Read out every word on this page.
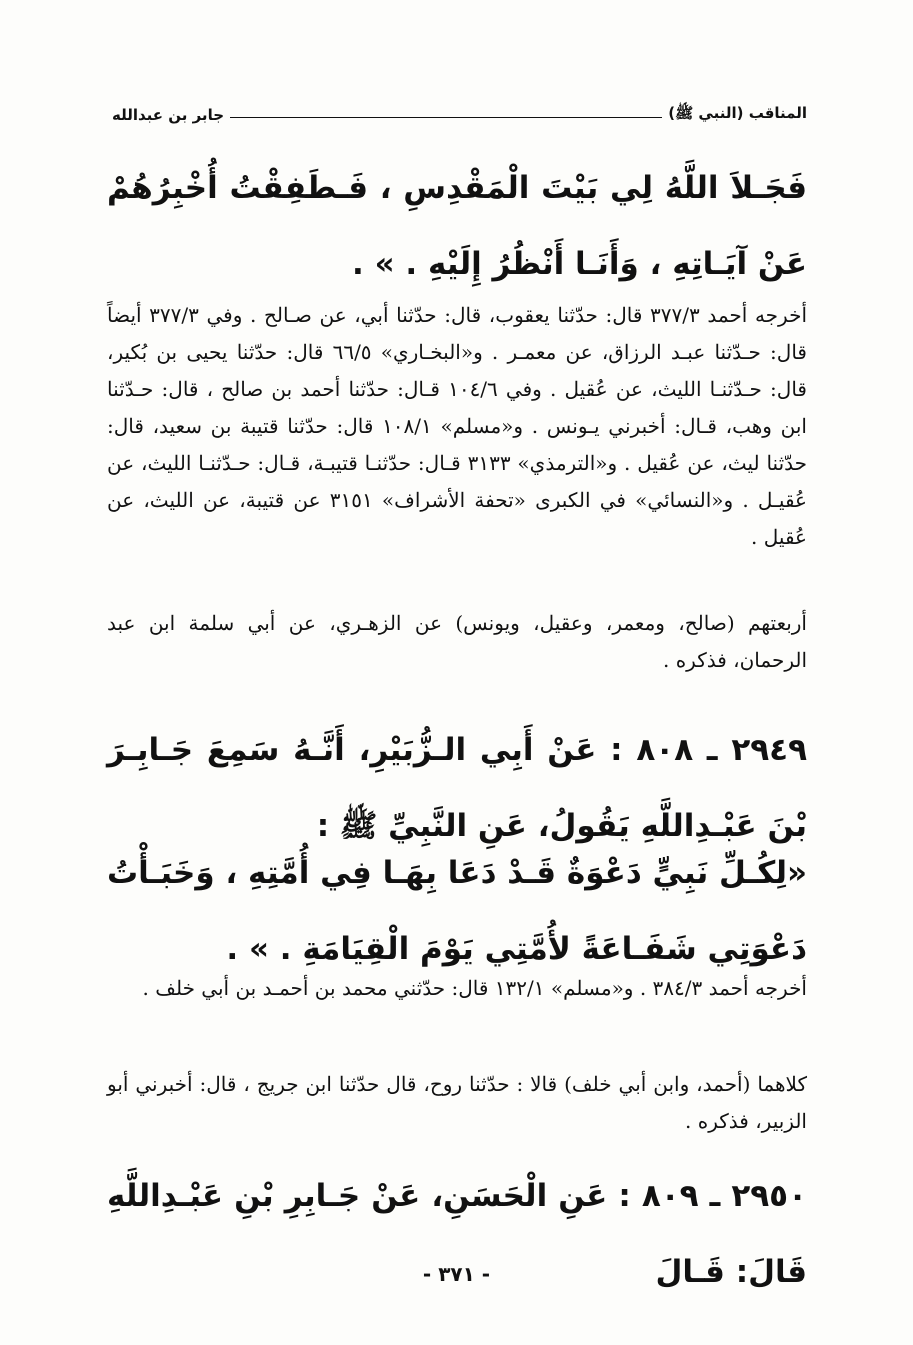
المناقب (النبي ﷺ)
جابر بن عبدالله

فَجَـلاَ اللَّهُ لِي بَيْتَ الْمَقْدِسِ ، فَـطَفِقْتُ أُخْبِرُهُمْ عَنْ آيَـاتِهِ ، وَأَنَـا أَنْظُرُ إِلَيْهِ . » .

أخرجه أحمد ٣٧٧/٣ قال: حدّثنا يعقوب، قال: حدّثنا أبي، عن صـالح . وفي ٣٧٧/٣ أيضاً قال: حـدّثنا عبـد الرزاق، عن معمـر . و«البخـاري» ٦٦/٥ قال: حدّثنا يحيى بن بُكير، قال: حـدّثنـا الليث، عن عُقيل . وفي ١٠٤/٦ قـال: حدّثنا أحمد بن صالح ، قال: حـدّثنا ابن وهب، قـال: أخبرني يـونس . و«مسلم» ١٠٨/١ قال: حدّثنا قتيبة بن سعيد، قال: حدّثنا ليث، عن عُقيل . و«الترمذي» ٣١٣٣ قـال: حدّثنـا قتيبـة، قـال: حـدّثنـا الليث، عن عُقيـل . و«النسائي» في الكبرى «تحفة الأشراف» ٣١٥١ عن قتيبة، عن الليث، عن عُقيل .

أربعتهم (صالح، ومعمر، وعقيل، ويونس) عن الزهـري، عن أبي سلمة ابن عبد الرحمان، فذكره .

٢٩٤٩ ـ ٨٠٨ : عَنْ أَبِي الـزُّبَيْرِ، أَنَّـهُ سَمِعَ جَـابِـرَ بْنَ عَبْـدِاللَّهِ يَقُولُ، عَنِ النَّبِيِّ ﷺ :

«لِكُـلِّ نَبِيٍّ دَعْوَةٌ قَـدْ دَعَا بِهَـا فِي أُمَّتِهِ ، وَخَبَـأْتُ دَعْوَتِي شَفَـاعَةً لأُمَّتِي يَوْمَ الْقِيَامَةِ . » .

أخرجه أحمد ٣٨٤/٣ . و«مسلم» ١٣٢/١ قال: حدّثني محمد بن أحمـد بن أبي خلف .

كلاهما (أحمد، وابن أبي خلف) قالا : حدّثنا روح، قال حدّثنا ابن جريج ، قال: أخبرني أبو الزبير، فذكره .

٢٩٥٠ ـ ٨٠٩ : عَنِ الْحَسَنِ، عَنْ جَـابِرِ بْنِ عَبْـدِاللَّهِ قَالَ: قَـالَ

- ٣٧١ -
